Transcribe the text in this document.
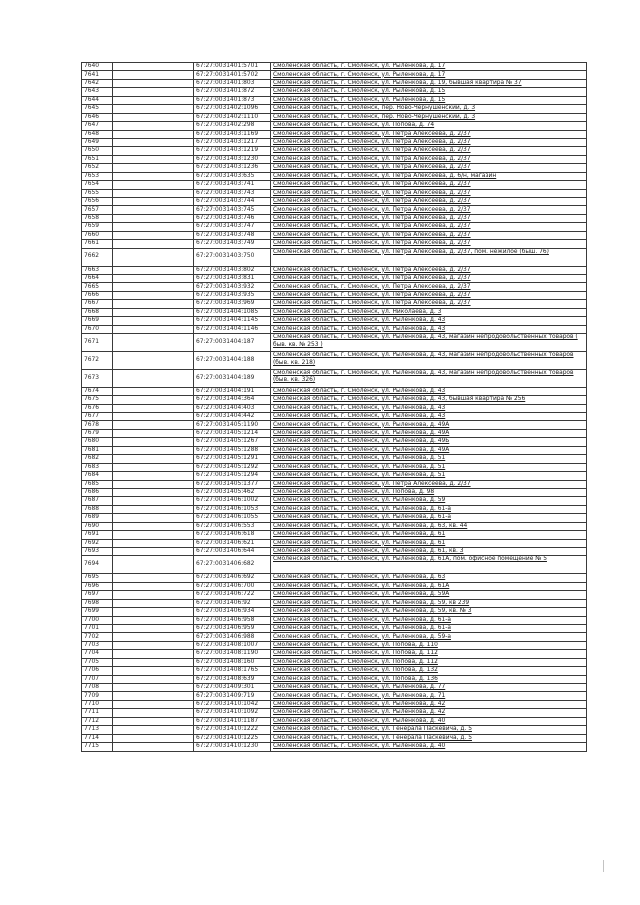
7640		67:27:0031401:5701	Смоленская область, г. Смоленск, ул. Рыленкова, д. 17
7641		67:27:0031401:5702	Смоленская область, г. Смоленск, ул. Рыленкова, д. 17
7642		67:27:0031401:803	Смоленская область, г. Смоленск, ул. Рыленкова, д. 19, бывшая квартира № 37
7643		67:27:0031401:872	Смоленская область, г. Смоленск, ул. Рыленкова, д. 15
7644		67:27:0031401:873	Смоленская область, г. Смоленск, ул. Рыленкова, д. 15
7645		67:27:0031402:1096	Смоленская область, г. Смоленск, пер. Ново-Чернушенский, д. 3
7646		67:27:0031402:1110	Смоленская область, г. Смоленск, пер. Ново-Чернушенский, д. 3
7647		67:27:0031402:298	Смоленская область, г. Смоленск, ул. Попова, д. 74
7648		67:27:0031403:1169	Смоленская область, г. Смоленск, ул. Петра Алексеева, д. 2/37
7649		67:27:0031403:1217	Смоленская область, г. Смоленск, ул. Петра Алексеева, д. 2/37
7650		67:27:0031403:1219	Смоленская область, г. Смоленск, ул. Петра Алексеева, д. 2/37
7651		67:27:0031403:1230	Смоленская область, г. Смоленск, ул. Петра Алексеева, д. 2/37
7652		67:27:0031403:1236	Смоленская область, г. Смоленск, ул. Петра Алексеева, д. 2/37
7653		67:27:0031403:635	Смоленская область, г. Смоленск, ул. Петра Алексеева, д. 6/н, магазин
7654		67:27:0031403:741	Смоленская область, г. Смоленск, ул. Петра Алексеева, д. 2/37
7655		67:27:0031403:743	Смоленская область, г. Смоленск, ул. Петра Алексеева, д. 2/37
7656		67:27:0031403:744	Смоленская область, г. Смоленск, ул. Петра Алексеева, д. 2/37
7657		67:27:0031403:745	Смоленская область, г. Смоленск, ул. Петра Алексеева, д. 2/37
7658		67:27:0031403:746	Смоленская область, г. Смоленск, ул. Петра Алексеева, д. 2/37
7659		67:27:0031403:747	Смоленская область, г. Смоленск, ул. Петра Алексеева, д. 2/37
7660		67:27:0031403:748	Смоленская область, г. Смоленск, ул. Петра Алексеева, д. 2/37
7661		67:27:0031403:749	Смоленская область, г. Смоленск, ул. Петра Алексеева, д. 2/37
7662		67:27:0031403:750	Смоленская область, г. Смоленск, ул. Петра Алексеева, д. 2/37, пом. нежилое (быш. 76)
7663		67:27:0031403:802	Смоленская область, г. Смоленск, ул. Петра Алексеева, д. 2/37
7664		67:27:0031403:831	Смоленская область, г. Смоленск, ул. Петра Алексеева, д. 2/37
7665		67:27:0031403:932	Смоленская область, г. Смоленск, ул. Петра Алексеева, д. 2/37
7666		67:27:0031403:935	Смоленская область, г. Смоленск, ул. Петра Алексеева, д. 2/37
7667		67:27:0031403:969	Смоленская область, г. Смоленск, ул. Петра Алексеева, д. 2/37
7668		67:27:0031404:1085	Смоленская область, г. Смоленск, ул. Николаева, д. 3
7669		67:27:0031404:1145	Смоленская область, г. Смоленск, ул. Рыленкова, д. 43
7670		67:27:0031404:1146	Смоленская область, г. Смоленск, ул. Рыленкова, д. 43
7671		67:27:0031404:187	Смоленская область, г. Смоленск, ул. Рыленкова, д. 43, магазин непродовольственных товаров ( быв. кв. № 253 )
7672		67:27:0031404:188	Смоленская область, г. Смоленск, ул. Рыленкова, д. 43, магазин непродовольственных товаров (быв. кв. 218)
7673		67:27:0031404:189	Смоленская область, г. Смоленск, ул. Рыленкова, д. 43, магазин непродовольственных товаров (быв. кв. 326)
7674		67:27:0031404:191	Смоленская область, г. Смоленск, ул. Рыленкова, д. 43
7675		67:27:0031404:364	Смоленская область, г. Смоленск, ул. Рыленкова, д. 43, бывшая квартира № 256
7676		67:27:0031404:403	Смоленская область, г. Смоленск, ул. Рыленкова, д. 43
7677		67:27:0031404:442	Смоленская область, г. Смоленск, ул. Рыленкова, д. 43
7678		67:27:0031405:1190	Смоленская область, г. Смоленск, ул. Рыленкова, д. 49А
7679		67:27:0031405:1214	Смоленская область, г. Смоленск, ул. Рыленкова, д. 49А
7680		67:27:0031405:1267	Смоленская область, г. Смоленск, ул. Рыленкова, д. 49Б
7681		67:27:0031405:1288	Смоленская область, г. Смоленск, ул. Рыленкова, д. 49А
7682		67:27:0031405:1291	Смоленская область, г. Смоленск, ул. Рыленкова, д. 51
7683		67:27:0031405:1292	Смоленская область, г. Смоленск, ул. Рыленкова, д. 51
7684		67:27:0031405:1294	Смоленская область, г. Смоленск, ул. Рыленкова, д. 51
7685		67:27:0031405:1377	Смоленская область, г. Смоленск, ул. Петра Алексеева, д. 2/37
7686		67:27:0031405:462	Смоленская область, г. Смоленск, ул. Попова, д. 98
7687		67:27:0031406:1002	Смоленская область, г. Смоленск, ул. Рыленкова, д. 59
7688		67:27:0031406:1053	Смоленская область, г. Смоленск, ул. Рыленкова, д. 61-а
7689		67:27:0031406:1055	Смоленская область, г. Смоленск, ул. Рыленкова, д. 61-а
7690		67:27:0031406:553	Смоленская область, г. Смоленск, ул. Рыленкова, д. 63, кв. 44
7691		67:27:0031406:618	Смоленская область, г. Смоленск, ул. Рыленкова, д. 61
7692		67:27:0031406:621	Смоленская область, г. Смоленск, ул. Рыленкова, д. 61
7693		67:27:0031406:644	Смоленская область, г. Смоленск, ул. Рыленкова, д. 61, кв. 3
7694		67:27:0031406:682	Смоленская область, г. Смоленск, ул. Рыленкова, д. 61А, пом. офисное помещение № 5
7695		67:27:0031406:692	Смоленская область, г. Смоленск, ул. Рыленкова, д. 63
7696		67:27:0031406:700	Смоленская область, г. Смоленск, ул. Рыленкова, д. 61А
7697		67:27:0031406:722	Смоленская область, г. Смоленск, ул. Рыленкова, д. 59А
7698		67:27:0031406:92	Смоленская область, г. Смоленск, ул. Рыленкова, д. 59, кв 239
7699		67:27:0031406:934	Смоленская область, г. Смоленск, ул. Рыленкова, д. 59, кв. № 3
7700		67:27:0031406:958	Смоленская область, г. Смоленск, ул. Рыленкова, д. 61-а
7701		67:27:0031406:959	Смоленская область, г. Смоленск, ул. Рыленкова, д. 61-а
7702		67:27:0031406:988	Смоленская область, г. Смоленск, ул. Рыленкова, д. 59-а
7703		67:27:0031408:1007	Смоленская область, г. Смоленск, ул. Попова, д. 110
7704		67:27:0031408:1190	Смоленская область, г. Смоленск, ул. Попова, д. 112
7705		67:27:0031408:160	Смоленская область, г. Смоленск, ул. Попова, д. 112
7706		67:27:0031408:1765	Смоленская область, г. Смоленск, ул. Попова, д. 132
7707		67:27:0031408:639	Смоленская область, г. Смоленск, ул. Попова, д. 136
7708		67:27:0031409:301	Смоленская область, г. Смоленск, ул. Рыленкова, д. 77
7709		67:27:0031409:719	Смоленская область, г. Смоленск, ул. Рыленкова, д. 71
7710		67:27:0031410:1042	Смоленская область, г. Смоленск, ул. Рыленкова, д. 42
7711		67:27:0031410:1092	Смоленская область, г. Смоленск, ул. Рыленкова, д. 42
7712		67:27:0031410:1187	Смоленская область, г. Смоленск, ул. Рыленкова, д. 40
7713		67:27:0031410:1222	Смоленская область, г. Смоленск, ул. Генерала Паскевича, д. 5
7714		67:27:0031410:1225	Смоленская область, г. Смоленск, ул. Генерала Паскевича, д. 5
7715		67:27:0031410:1230	Смоленская область, г. Смоленск, ул. Рыленкова, д. 40
